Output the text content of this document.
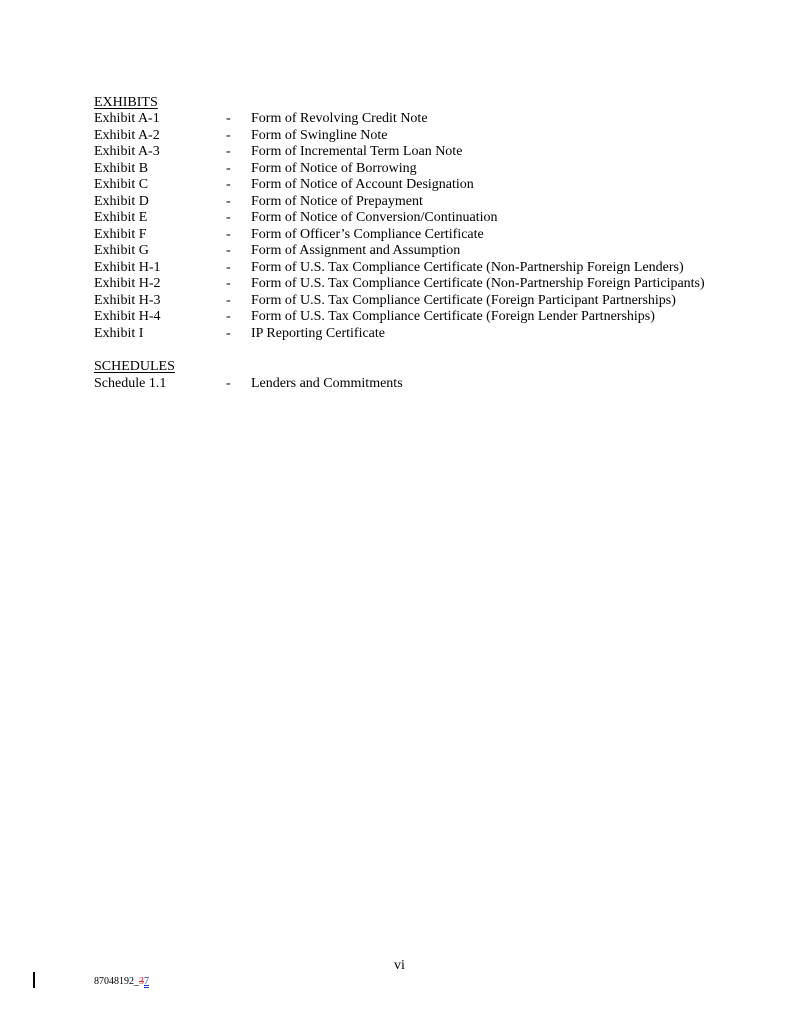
EXHIBITS
Exhibit A-1	- Form of Revolving Credit Note
Exhibit A-2	- Form of Swingline Note
Exhibit A-3	- Form of Incremental Term Loan Note
Exhibit B	- Form of Notice of Borrowing
Exhibit C	- Form of Notice of Account Designation
Exhibit D	- Form of Notice of Prepayment
Exhibit E	- Form of Notice of Conversion/Continuation
Exhibit F	- Form of Officer’s Compliance Certificate
Exhibit G	- Form of Assignment and Assumption
Exhibit H-1	- Form of U.S. Tax Compliance Certificate (Non-Partnership Foreign Lenders)
Exhibit H-2	- Form of U.S. Tax Compliance Certificate (Non-Partnership Foreign Participants)
Exhibit H-3	- Form of U.S. Tax Compliance Certificate (Foreign Participant Partnerships)
Exhibit H-4	- Form of U.S. Tax Compliance Certificate (Foreign Lender Partnerships)
Exhibit I	- IP Reporting Certificate
SCHEDULES
Schedule 1.1	- Lenders and Commitments
vi
87048192_37
